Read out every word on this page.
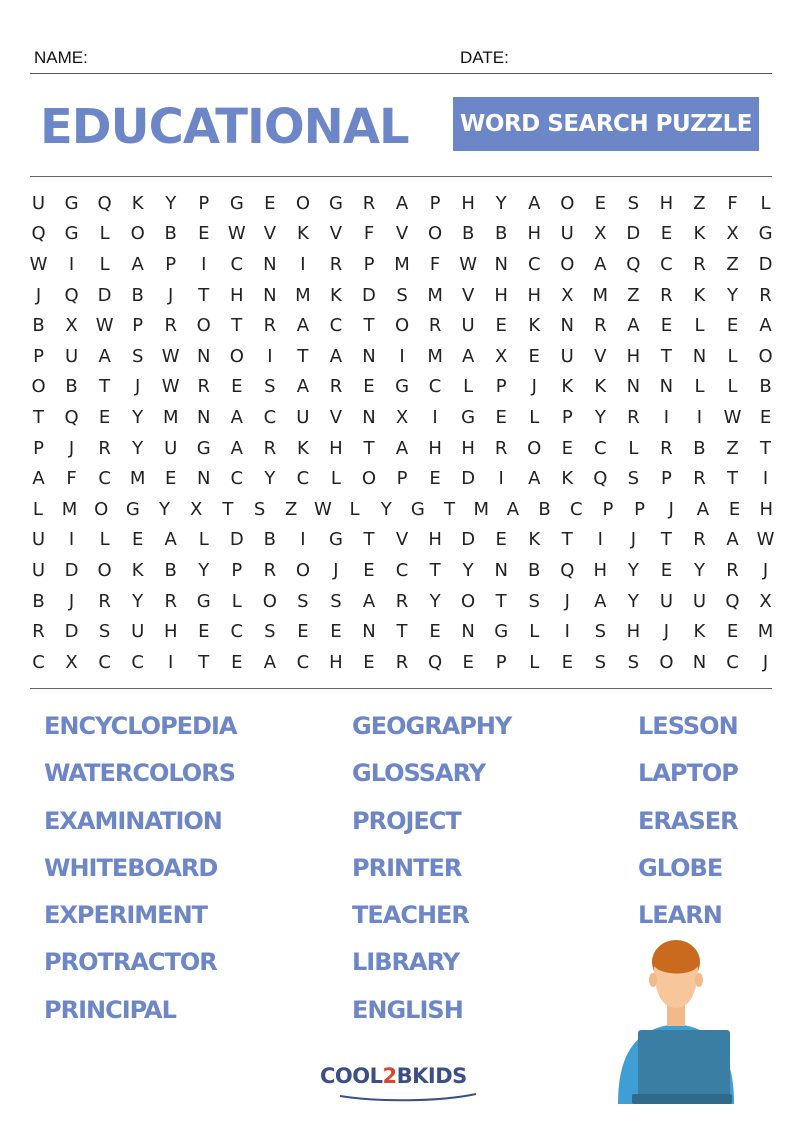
NAME:	DATE:
EDUCATIONAL	WORD SEARCH PUZZLE
U	G	Q	K	Y	P	G	E	O	G	R	A	P	H	Y	A	O	E	S	H	Z	F	L
Q	G	L	O	B	E	W V	K	V	F	V	O	B	B	H	U	X	D	E	K	X	G
W	I	L	A	P	I	C	N	I	R	P	M	F	W N	C	O	A	Q	C	R	Z	D
J	Q	D	B	J	T	H	N	M	K	D	S	M	V	H	H	X	M	Z	R	K	Y	R
B	X W	P	R	O	T	R	A	C	T	O	R	U	E	K	N	R	A	E	L	E	A
P	U	A	S	W N	O	I	T	A	N	I	M	A	X	E	U	V	H	T	N	L	O
O	B	T	J	W R	E	S	A	R	E	G	C	L	P	J	K	K	N	N	L	L	B
T	Q	E	Y	M	N	A	C	U	V	N	X	I	G	E	L	P	Y	R	I	I	W	E
P	J	R	Y	U	G	A	R	K	H	T	A	H	H	R	O	E	C	L	R	B	Z	T
A	F	C	M	E	N	C	Y	C	L	O	P	E	D	I	A	K	Q	S	P	R	T	I
L	M O G	Y	X	T	S	Z W L	Y	G	T	M A	B	C	P	P	J	A	E	H
U	I	L	E	A	L	D	B	I	G	T	V	H	D	E	K	T	I	J	T	R	A W
U	D	O	K	B	Y	P	R	O	J	E	C	T	Y	N	B	Q	H	Y	E	Y	R	J
B	J	R	Y	R	G	L	O	S	S	A	R	Y	O	T	S	J	A	Y	U	U	Q	X
R	D	S	U	H	E	C	S	E	E	N	T	E	N	G	L	I	S	H	J	K	E	M
C	X	C	C	I	T	E	A	C	H	E	R	Q	E	P	L	E	S	S	O	N	C	J
ENCYCLOPEDIA
WATERCOLORS
EXAMINATION
WHITEBOARD
EXPERIMENT
PROTRACTOR
PRINCIPAL
GEOGRAPHY
GLOSSARY
PROJECT
PRINTER
TEACHER
LIBRARY
ENGLISH
LESSON
LAPTOP
ERASER
GLOBE
LEARN
COOL2BKIDS
